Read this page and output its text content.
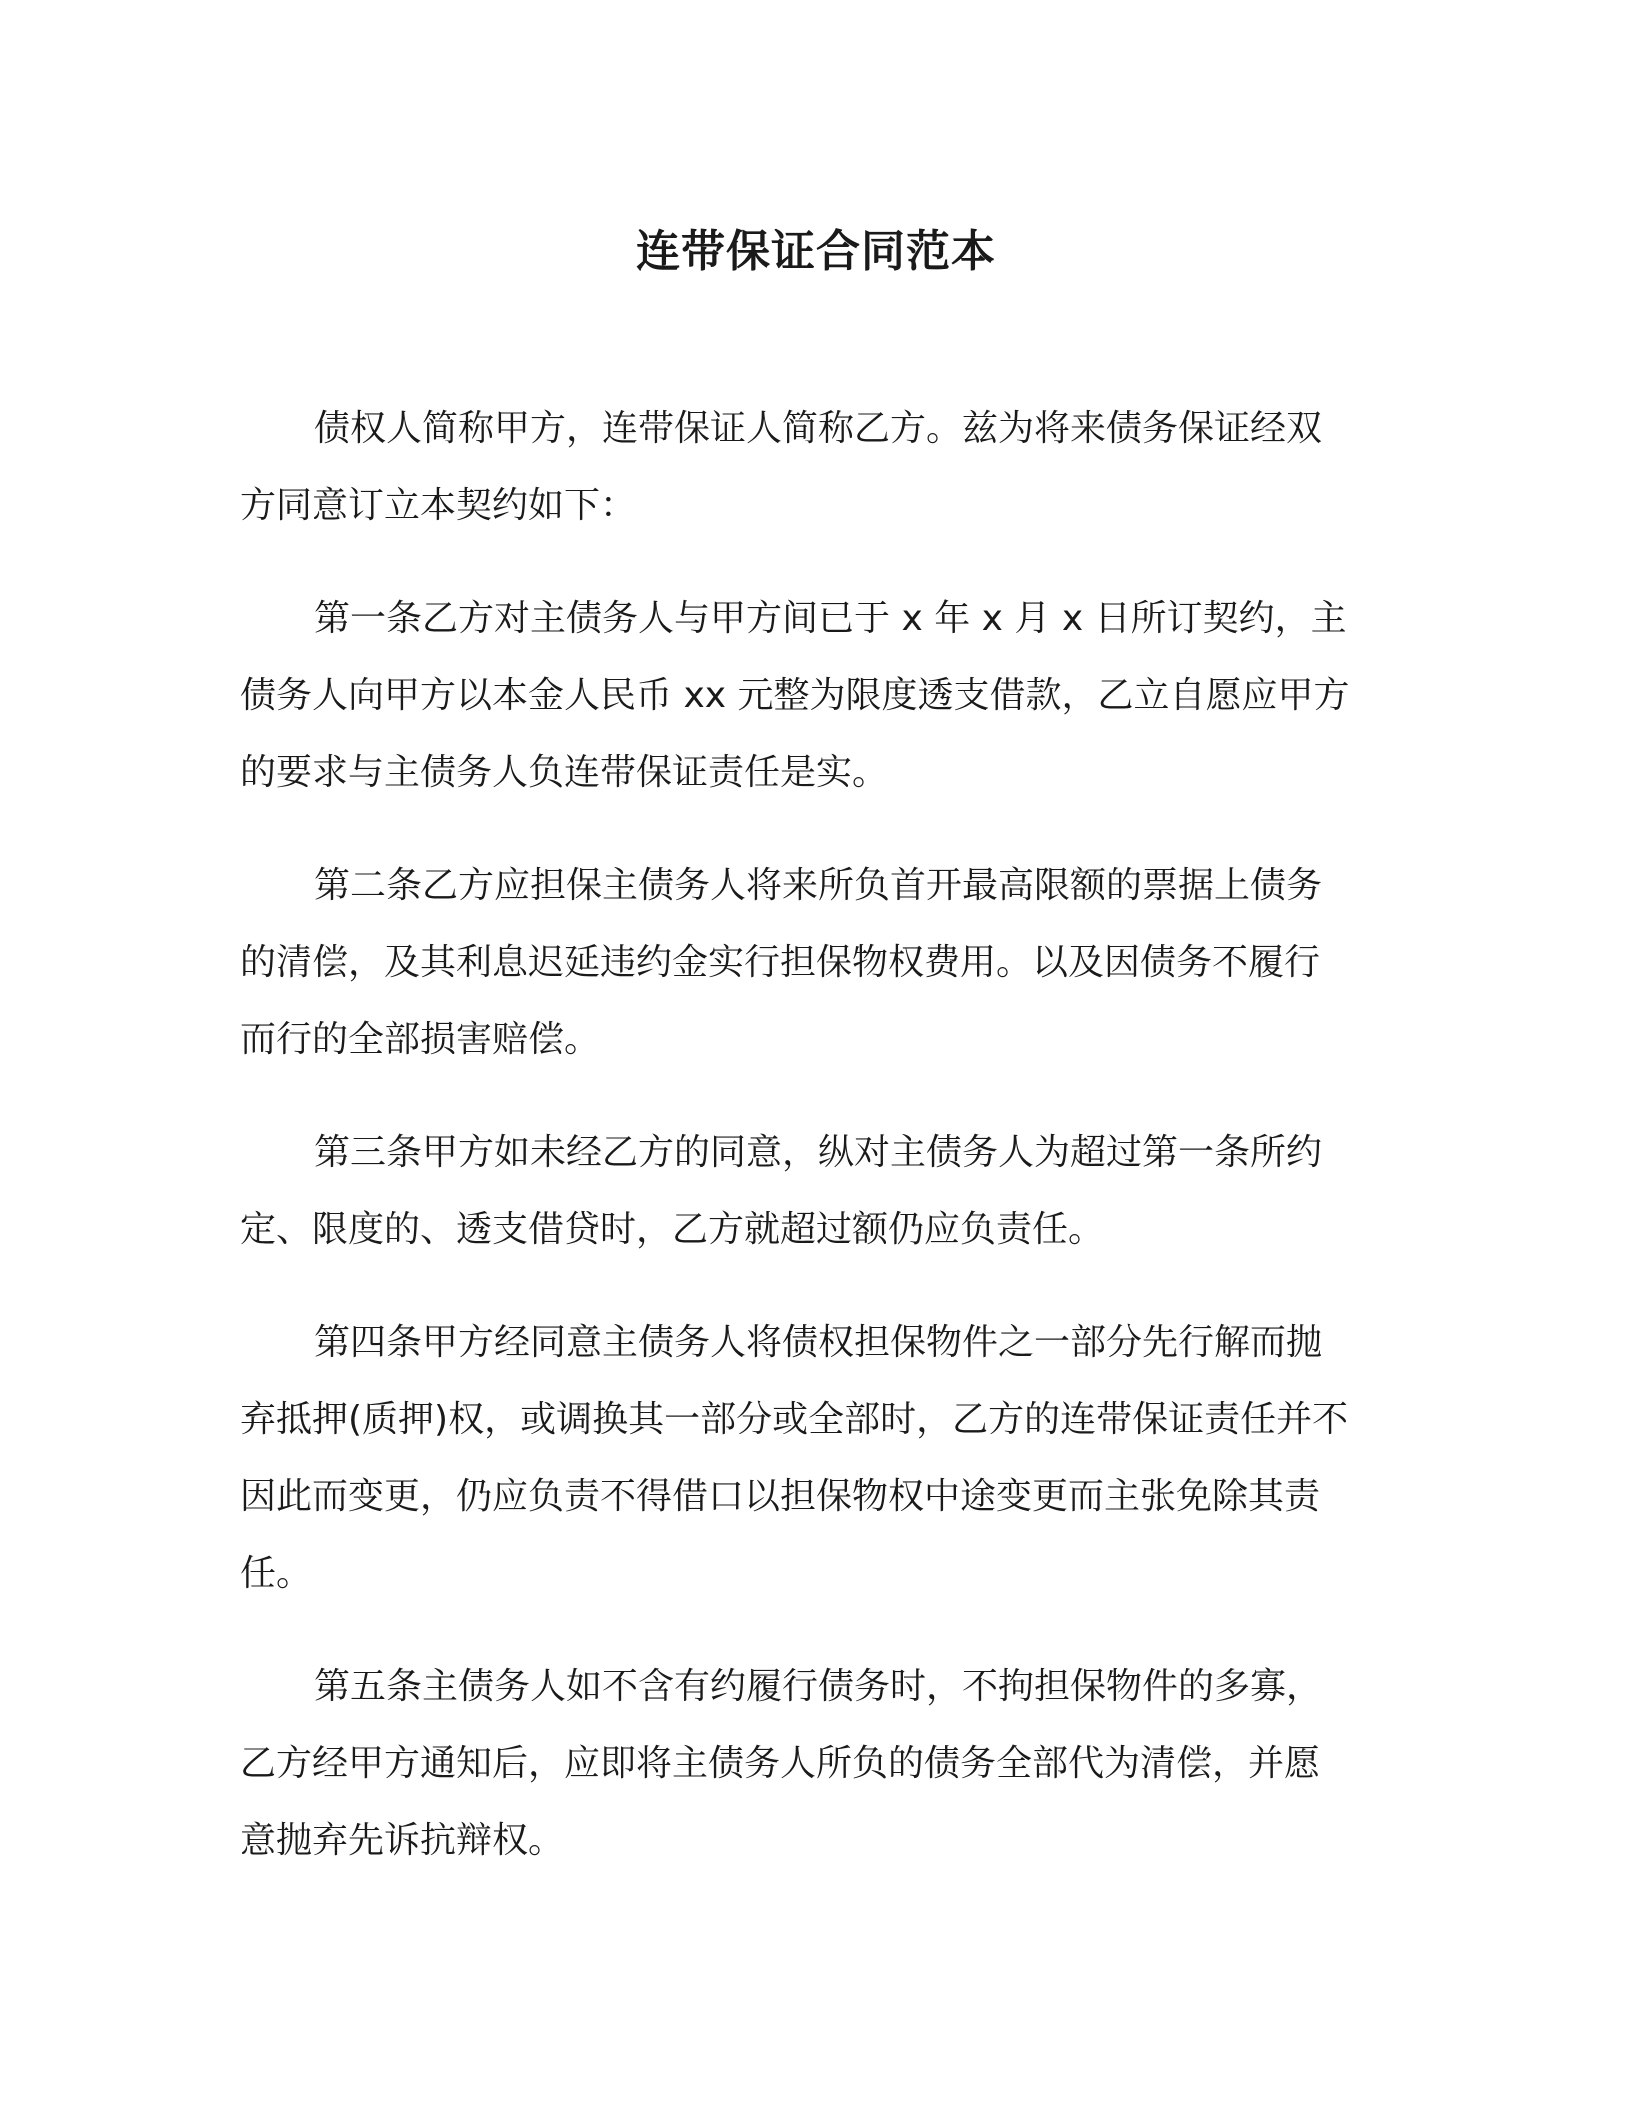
连带保证合同范本

债权人简称甲方，连带保证人简称乙方。兹为将来债务保证经双
方同意订立本契约如下：

第一条乙方对主债务人与甲方间已于 x 年 x 月 x 日所订契约，主
债务人向甲方以本金人民币 xx 元整为限度透支借款，乙立自愿应甲方
的要求与主债务人负连带保证责任是实。

第二条乙方应担保主债务人将来所负首开最高限额的票据上债务
的清偿，及其利息迟延违约金实行担保物权费用。以及因债务不履行
而行的全部损害赔偿。

第三条甲方如未经乙方的同意，纵对主债务人为超过第一条所约
定、限度的、透支借贷时，乙方就超过额仍应负责任。

第四条甲方经同意主债务人将债权担保物件之一部分先行解而抛
弃抵押(质押)权，或调换其一部分或全部时，乙方的连带保证责任并不
因此而变更，仍应负责不得借口以担保物权中途变更而主张免除其责
任。

第五条主债务人如不含有约履行债务时，不拘担保物件的多寡，
乙方经甲方通知后，应即将主债务人所负的债务全部代为清偿，并愿
意抛弃先诉抗辩权。
